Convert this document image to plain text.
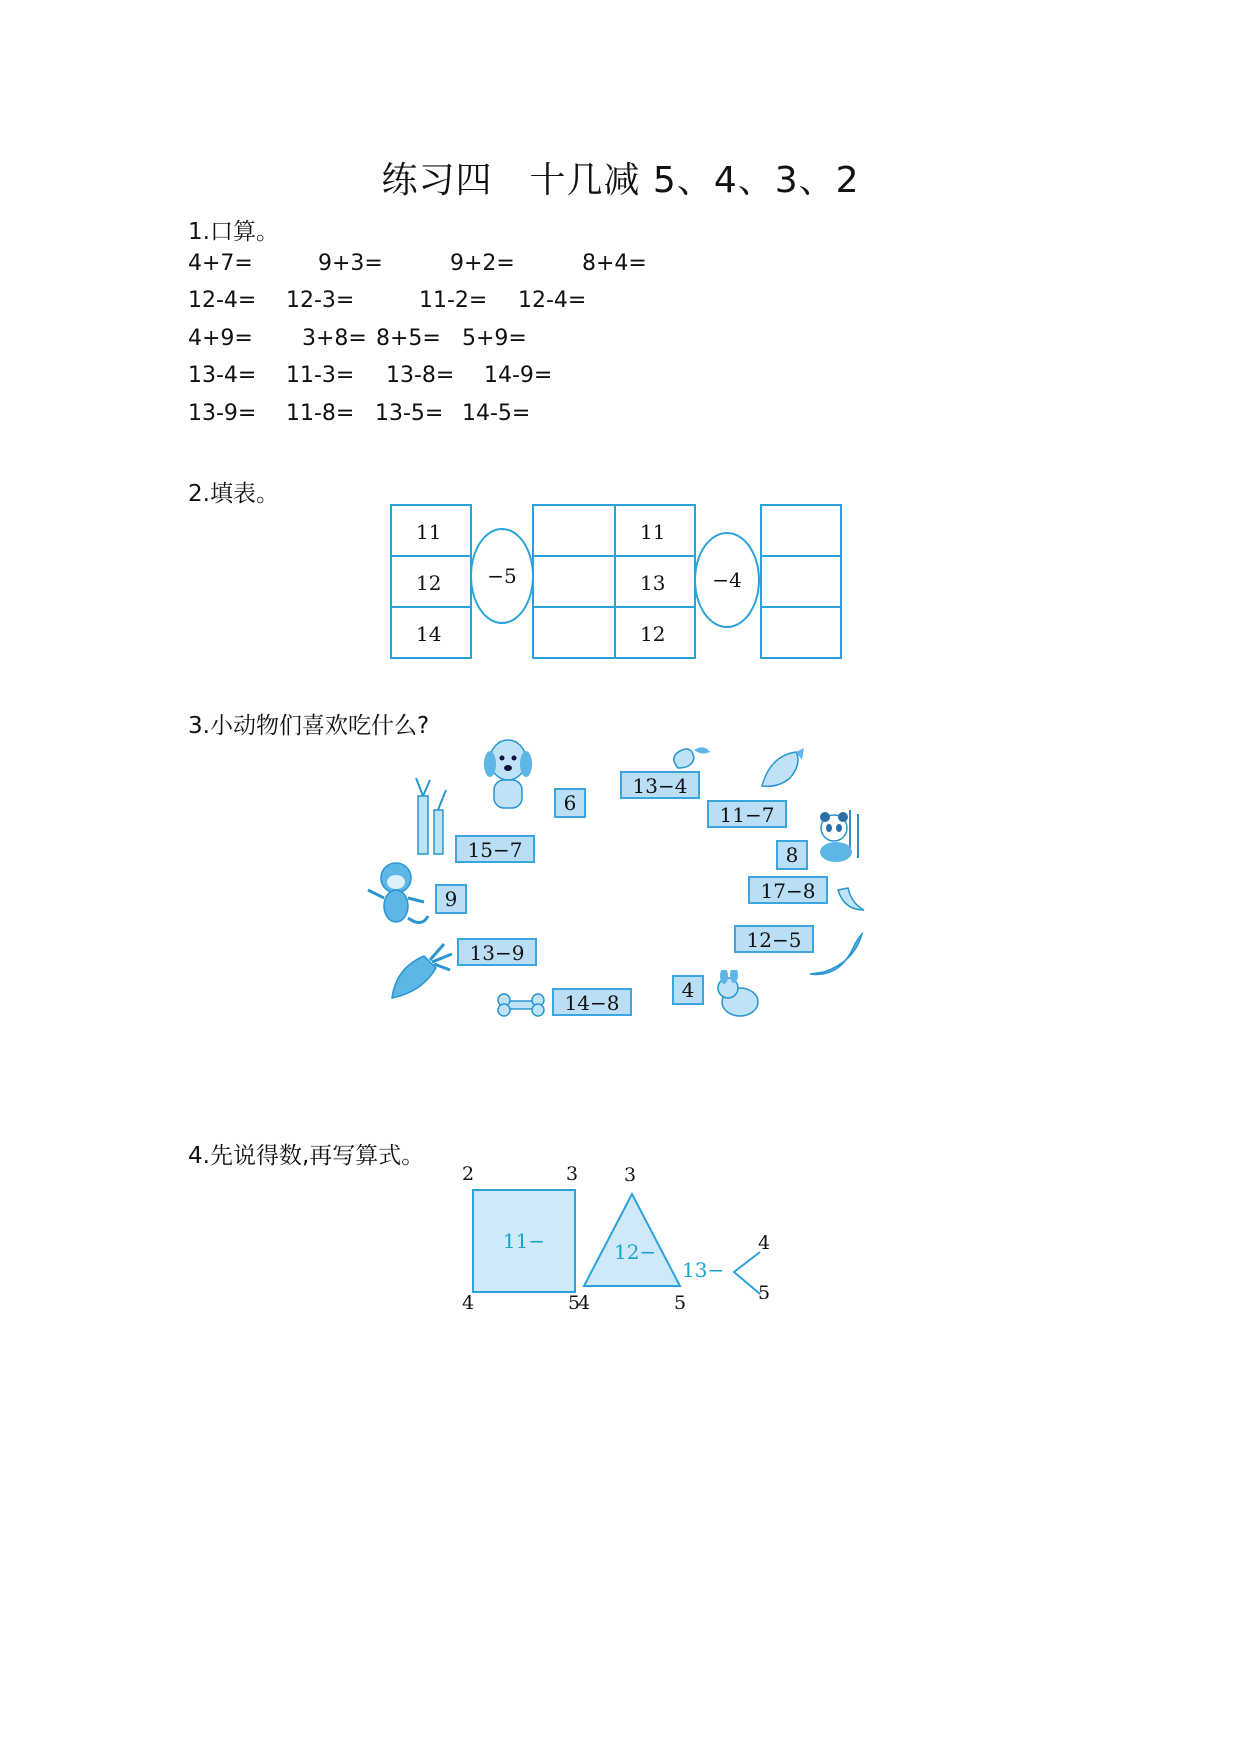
练习四　十几减 5、4、3、2
1.口算。
4+7=	9+3=	9+2=	8+4=
12-4= 12-3=	11-2= 12-4=
4+9= 3+8= 8+5= 5+9=
13-4= 11-3= 13-8= 14-9=
13-9= 11-8= 13-5= 14-5=
2.填表。
11
12
14
−5
11
13
12
−4
3.小动物们喜欢吃什么?
6
13−4
11−7
15−7	8
9	17−8
12−5
13−9
4
14−8
4.先说得数,再写算式。
11−
2	3
4	5
12−
3
4	5
13−
4
5
